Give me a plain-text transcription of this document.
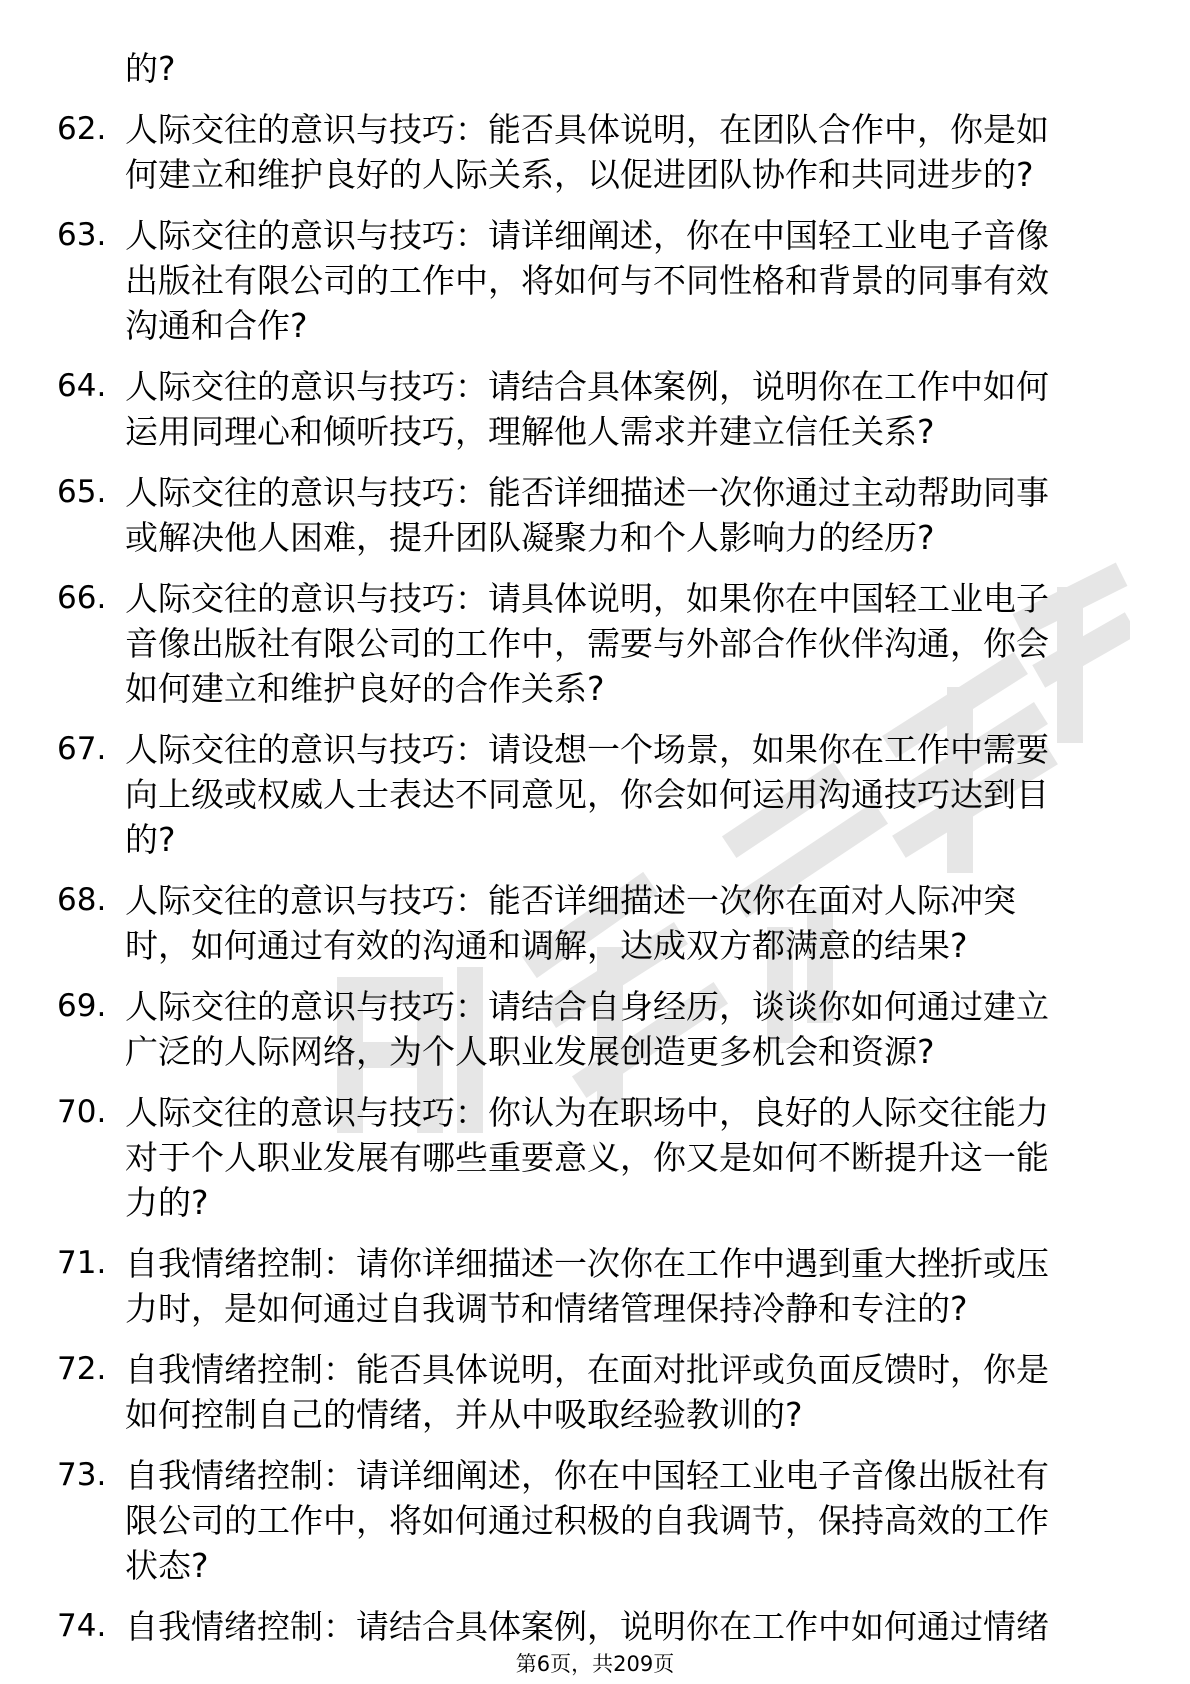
的?
62. 人际交往的意识与技巧：能否具体说明，在团队合作中，你是如
何建立和维护良好的人际关系，以促进团队协作和共同进步的?
63. 人际交往的意识与技巧：请详细阐述，你在中国轻工业电子音像
出版社有限公司的工作中，将如何与不同性格和背景的同事有效
沟通和合作?
64. 人际交往的意识与技巧：请结合具体案例，说明你在工作中如何
运用同理心和倾听技巧，理解他人需求并建立信任关系?
65. 人际交往的意识与技巧：能否详细描述一次你通过主动帮助同事
或解决他人困难，提升团队凝聚力和个人影响力的经历?
66. 人际交往的意识与技巧：请具体说明，如果你在中国轻工业电子
音像出版社有限公司的工作中，需要与外部合作伙伴沟通，你会
如何建立和维护良好的合作关系?
67. 人际交往的意识与技巧：请设想一个场景，如果你在工作中需要
向上级或权威人士表达不同意见，你会如何运用沟通技巧达到目
的?
68. 人际交往的意识与技巧：能否详细描述一次你在面对人际冲突
时，如何通过有效的沟通和调解，达成双方都满意的结果?
69. 人际交往的意识与技巧：请结合自身经历，谈谈你如何通过建立
广泛的人际网络，为个人职业发展创造更多机会和资源?
70. 人际交往的意识与技巧：你认为在职场中，良好的人际交往能力
对于个人职业发展有哪些重要意义，你又是如何不断提升这一能
力的?
71. 自我情绪控制：请你详细描述一次你在工作中遇到重大挫折或压
力时，是如何通过自我调节和情绪管理保持冷静和专注的?
72. 自我情绪控制：能否具体说明，在面对批评或负面反馈时，你是
如何控制自己的情绪，并从中吸取经验教训的?
73. 自我情绪控制：请详细阐述，你在中国轻工业电子音像出版社有
限公司的工作中，将如何通过积极的自我调节，保持高效的工作
状态?
74. 自我情绪控制：请结合具体案例，说明你在工作中如何通过情绪
第6页，共209页
